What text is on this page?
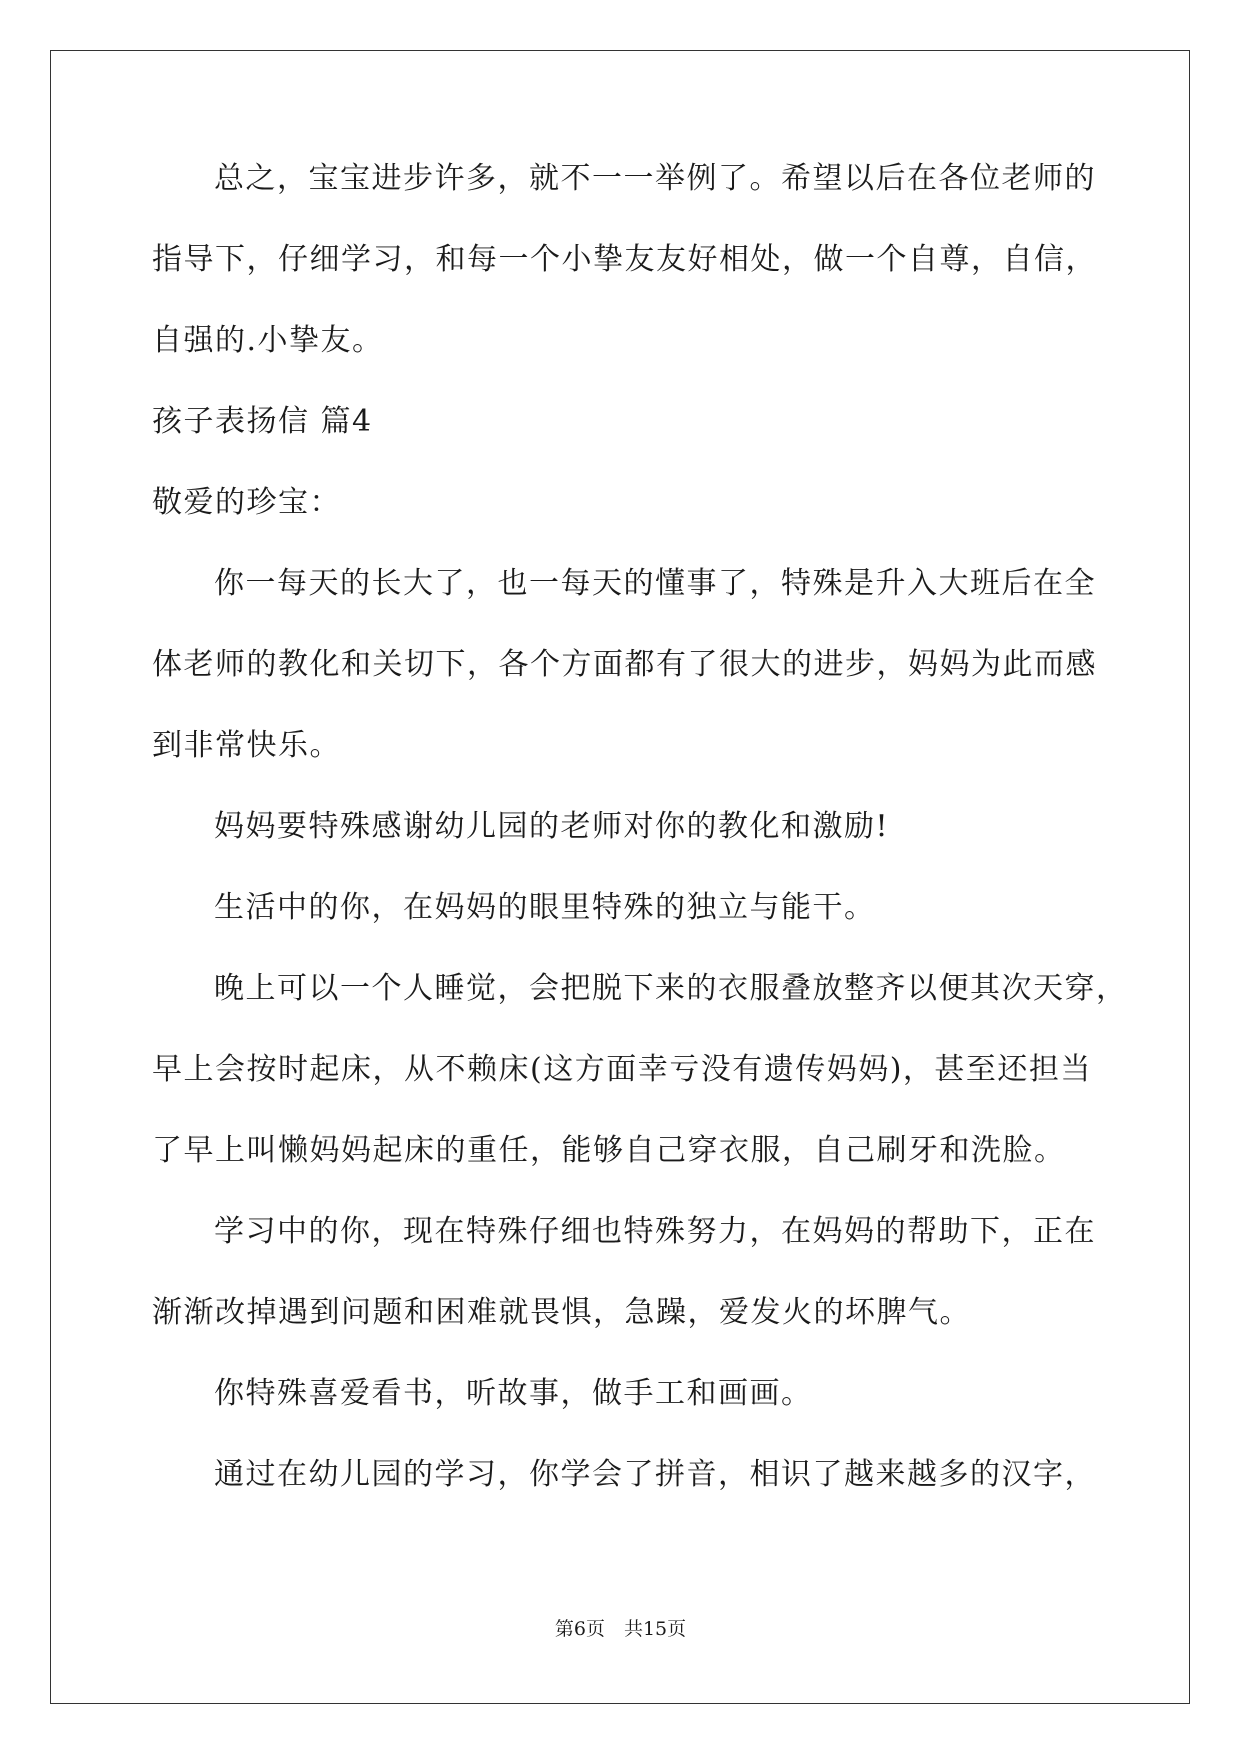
总之，宝宝进步许多，就不一一举例了。希望以后在各位老师的
指导下，仔细学习，和每一个小挚友友好相处，做一个自尊，自信，
自强的.小挚友。
孩子表扬信 篇4
敬爱的珍宝：
你一每天的长大了，也一每天的懂事了，特殊是升入大班后在全
体老师的教化和关切下，各个方面都有了很大的进步，妈妈为此而感
到非常快乐。
妈妈要特殊感谢幼儿园的老师对你的教化和激励!
生活中的你，在妈妈的眼里特殊的独立与能干。
晚上可以一个人睡觉，会把脱下来的衣服叠放整齐以便其次天穿，
早上会按时起床，从不赖床(这方面幸亏没有遗传妈妈)，甚至还担当
了早上叫懒妈妈起床的重任，能够自己穿衣服，自己刷牙和洗脸。
学习中的你，现在特殊仔细也特殊努力，在妈妈的帮助下，正在
渐渐改掉遇到问题和困难就畏惧，急躁，爱发火的坏脾气。
你特殊喜爱看书，听故事，做手工和画画。
通过在幼儿园的学习，你学会了拼音，相识了越来越多的汉字，
第6页　共15页
